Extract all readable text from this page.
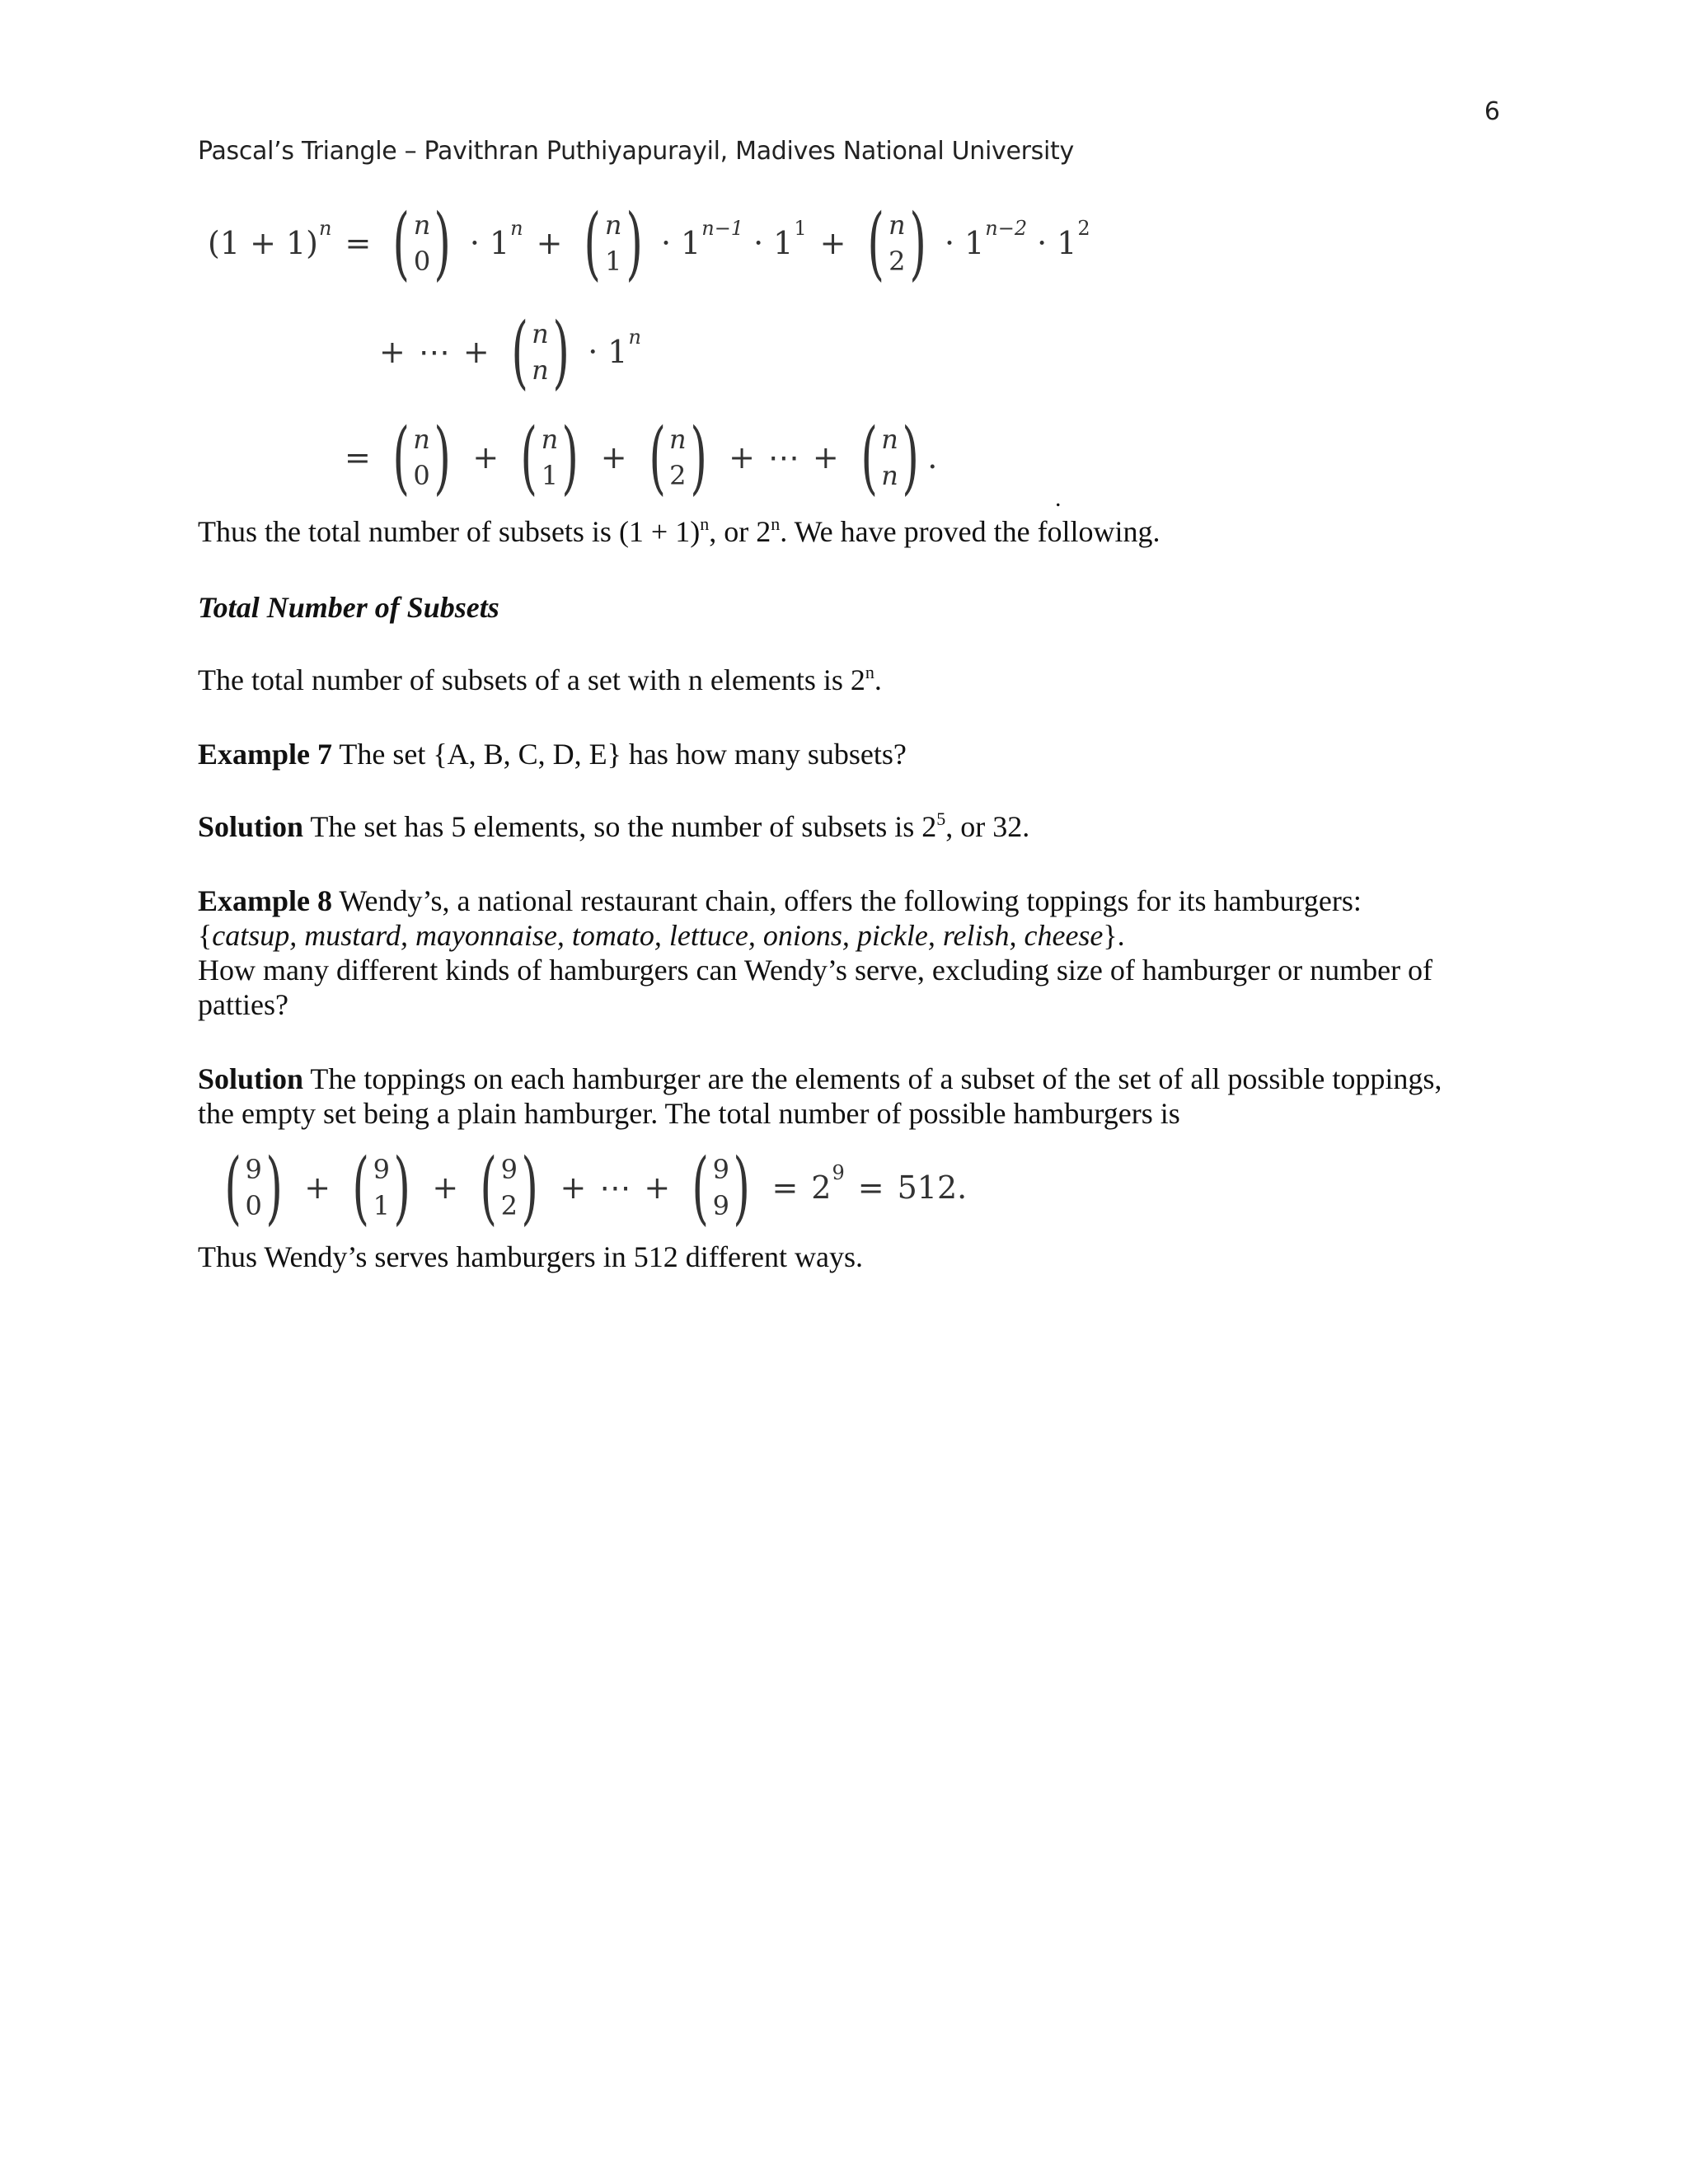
6
Pascal’s Triangle – Pavithran Puthiyapurayil, Madives National University
(1 + 1) n = ( n
0 ) · 1 n + ( n
1 ) · 1 n−1 · 1 1 + ( n
2 ) · 1 n−2 · 1 2
+ ⋯ + ( n
n ) · 1 n
= ( n
0 ) + ( n
1 ) + ( n
2 ) + ⋯ + ( n
n ) .
.
Thus the total number of subsets is $(1 + 1)^n$, or 2$^n$. We have proved the following.
Total Number of Subsets
The total number of subsets of a set with n elements is 2$^n$.
Example 7 The set {A, B, C, D, E} has how many subsets?
Solution The set has 5 elements, so the number of subsets is $2^5$, or 32.
Example 8 Wendy’s, a national restaurant chain, offers the following toppings for its hamburgers:
{catsup, mustard, mayonnaise, tomato, lettuce, onions, pickle, relish, cheese}.
How many different kinds of hamburgers can Wendy’s serve, excluding size of hamburger or number of
patties?
Solution The toppings on each hamburger are the elements of a subset of the set of all possible toppings,
the empty set being a plain hamburger. The total number of possible hamburgers is
( 9
0 ) + ( 9
1 ) + ( 9
2 ) + ⋯ + ( 9
9 ) = 2 9 = 512.
Thus Wendy’s serves hamburgers in 512 different ways.
